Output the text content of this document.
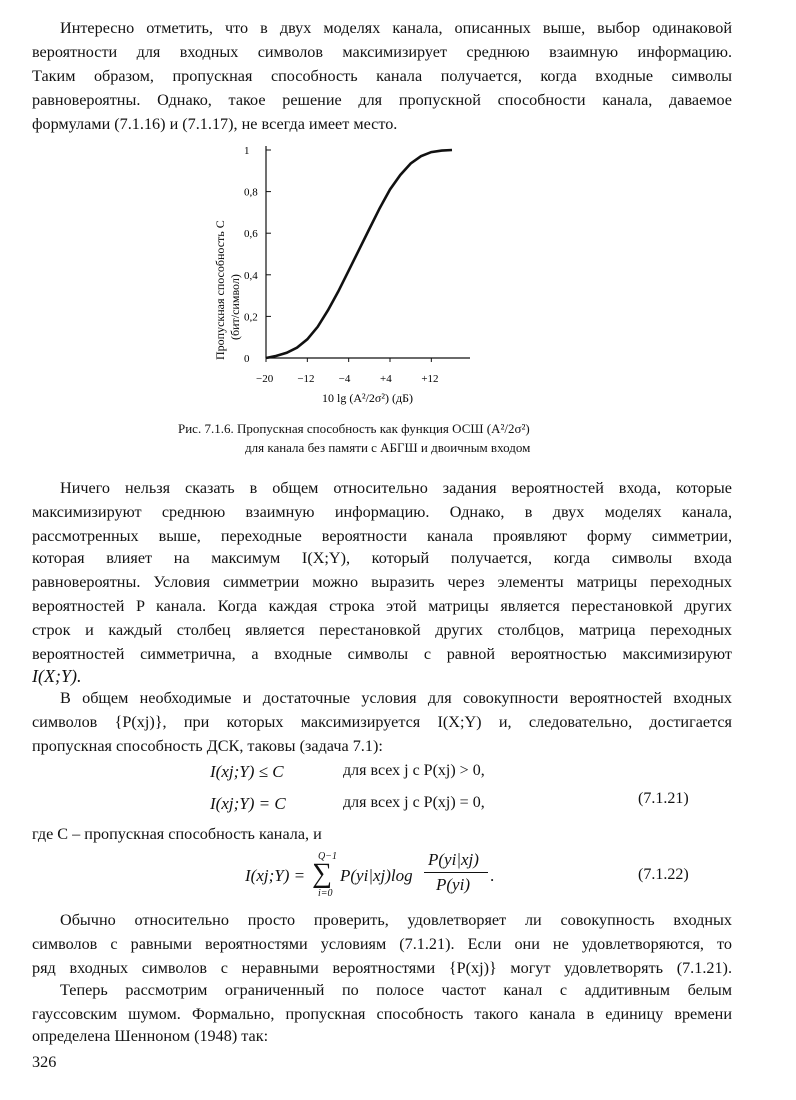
Интересно отметить, что в двух моделях канала, описанных выше, выбор одинаковой
вероятности для входных символов максимизирует среднюю взаимную информацию.
Таким образом, пропускная способность канала получается, когда входные символы
равновероятны. Однако, такое решение для пропускной способности канала, даваемое
формулами (7.1.16) и (7.1.17), не всегда имеет место.
0
0,2
0,4
0,6
0,8
1
−20 −12 −4	+4	+12
Пропускная способность C (бит/символ)
10 lg (A²/2σ²) (дБ)
Рис. 7.1.6. Пропускная способность как функция ОСШ (A²/2σ²)
для канала без памяти с АБГШ и двоичным входом
Ничего нельзя сказать в общем относительно задания вероятностей входа, которые
максимизируют среднюю взаимную информацию. Однако, в двух моделях канала,
рассмотренных выше, переходные вероятности канала проявляют форму симметрии,
которая влияет на максимум I(X;Y), который получается, когда символы входа
равновероятны. Условия симметрии можно выразить через элементы матрицы переходных
вероятностей P канала. Когда каждая строка этой матрицы является перестановкой других
строк и каждый столбец является перестановкой других столбцов, матрица переходных
вероятностей симметрична, а входные символы с равной вероятностью максимизируют
I(X;Y).
В общем необходимые и достаточные условия для совокупности вероятностей входных
символов {P(xj)}, при которых максимизируется I(X;Y) и, следовательно, достигается
пропускная способность ДСК, таковы (задача 7.1):
I(xj;Y) ≤ C	для всех j с P(xj) > 0,
I(xj;Y) = C	для всех j с P(xj) = 0,	(7.1.21)
где C – пропускная способность канала, и
I(xj;Y) =
Q−1
∑
i=0
P(yi|xj)log
P(yi|xj)
P(yi) .	(7.1.22)
Обычно относительно просто проверить, удовлетворяет ли совокупность входных
символов с равными вероятностями условиям (7.1.21). Если они не удовлетворяются, то
ряд входных символов с неравными вероятностями {P(xj)} могут удовлетворять (7.1.21).
Теперь рассмотрим ограниченный по полосе частот канал с аддитивным белым
гауссовским шумом. Формально, пропускная способность такого канала в единицу времени
определена Шенноном (1948) так:
326
